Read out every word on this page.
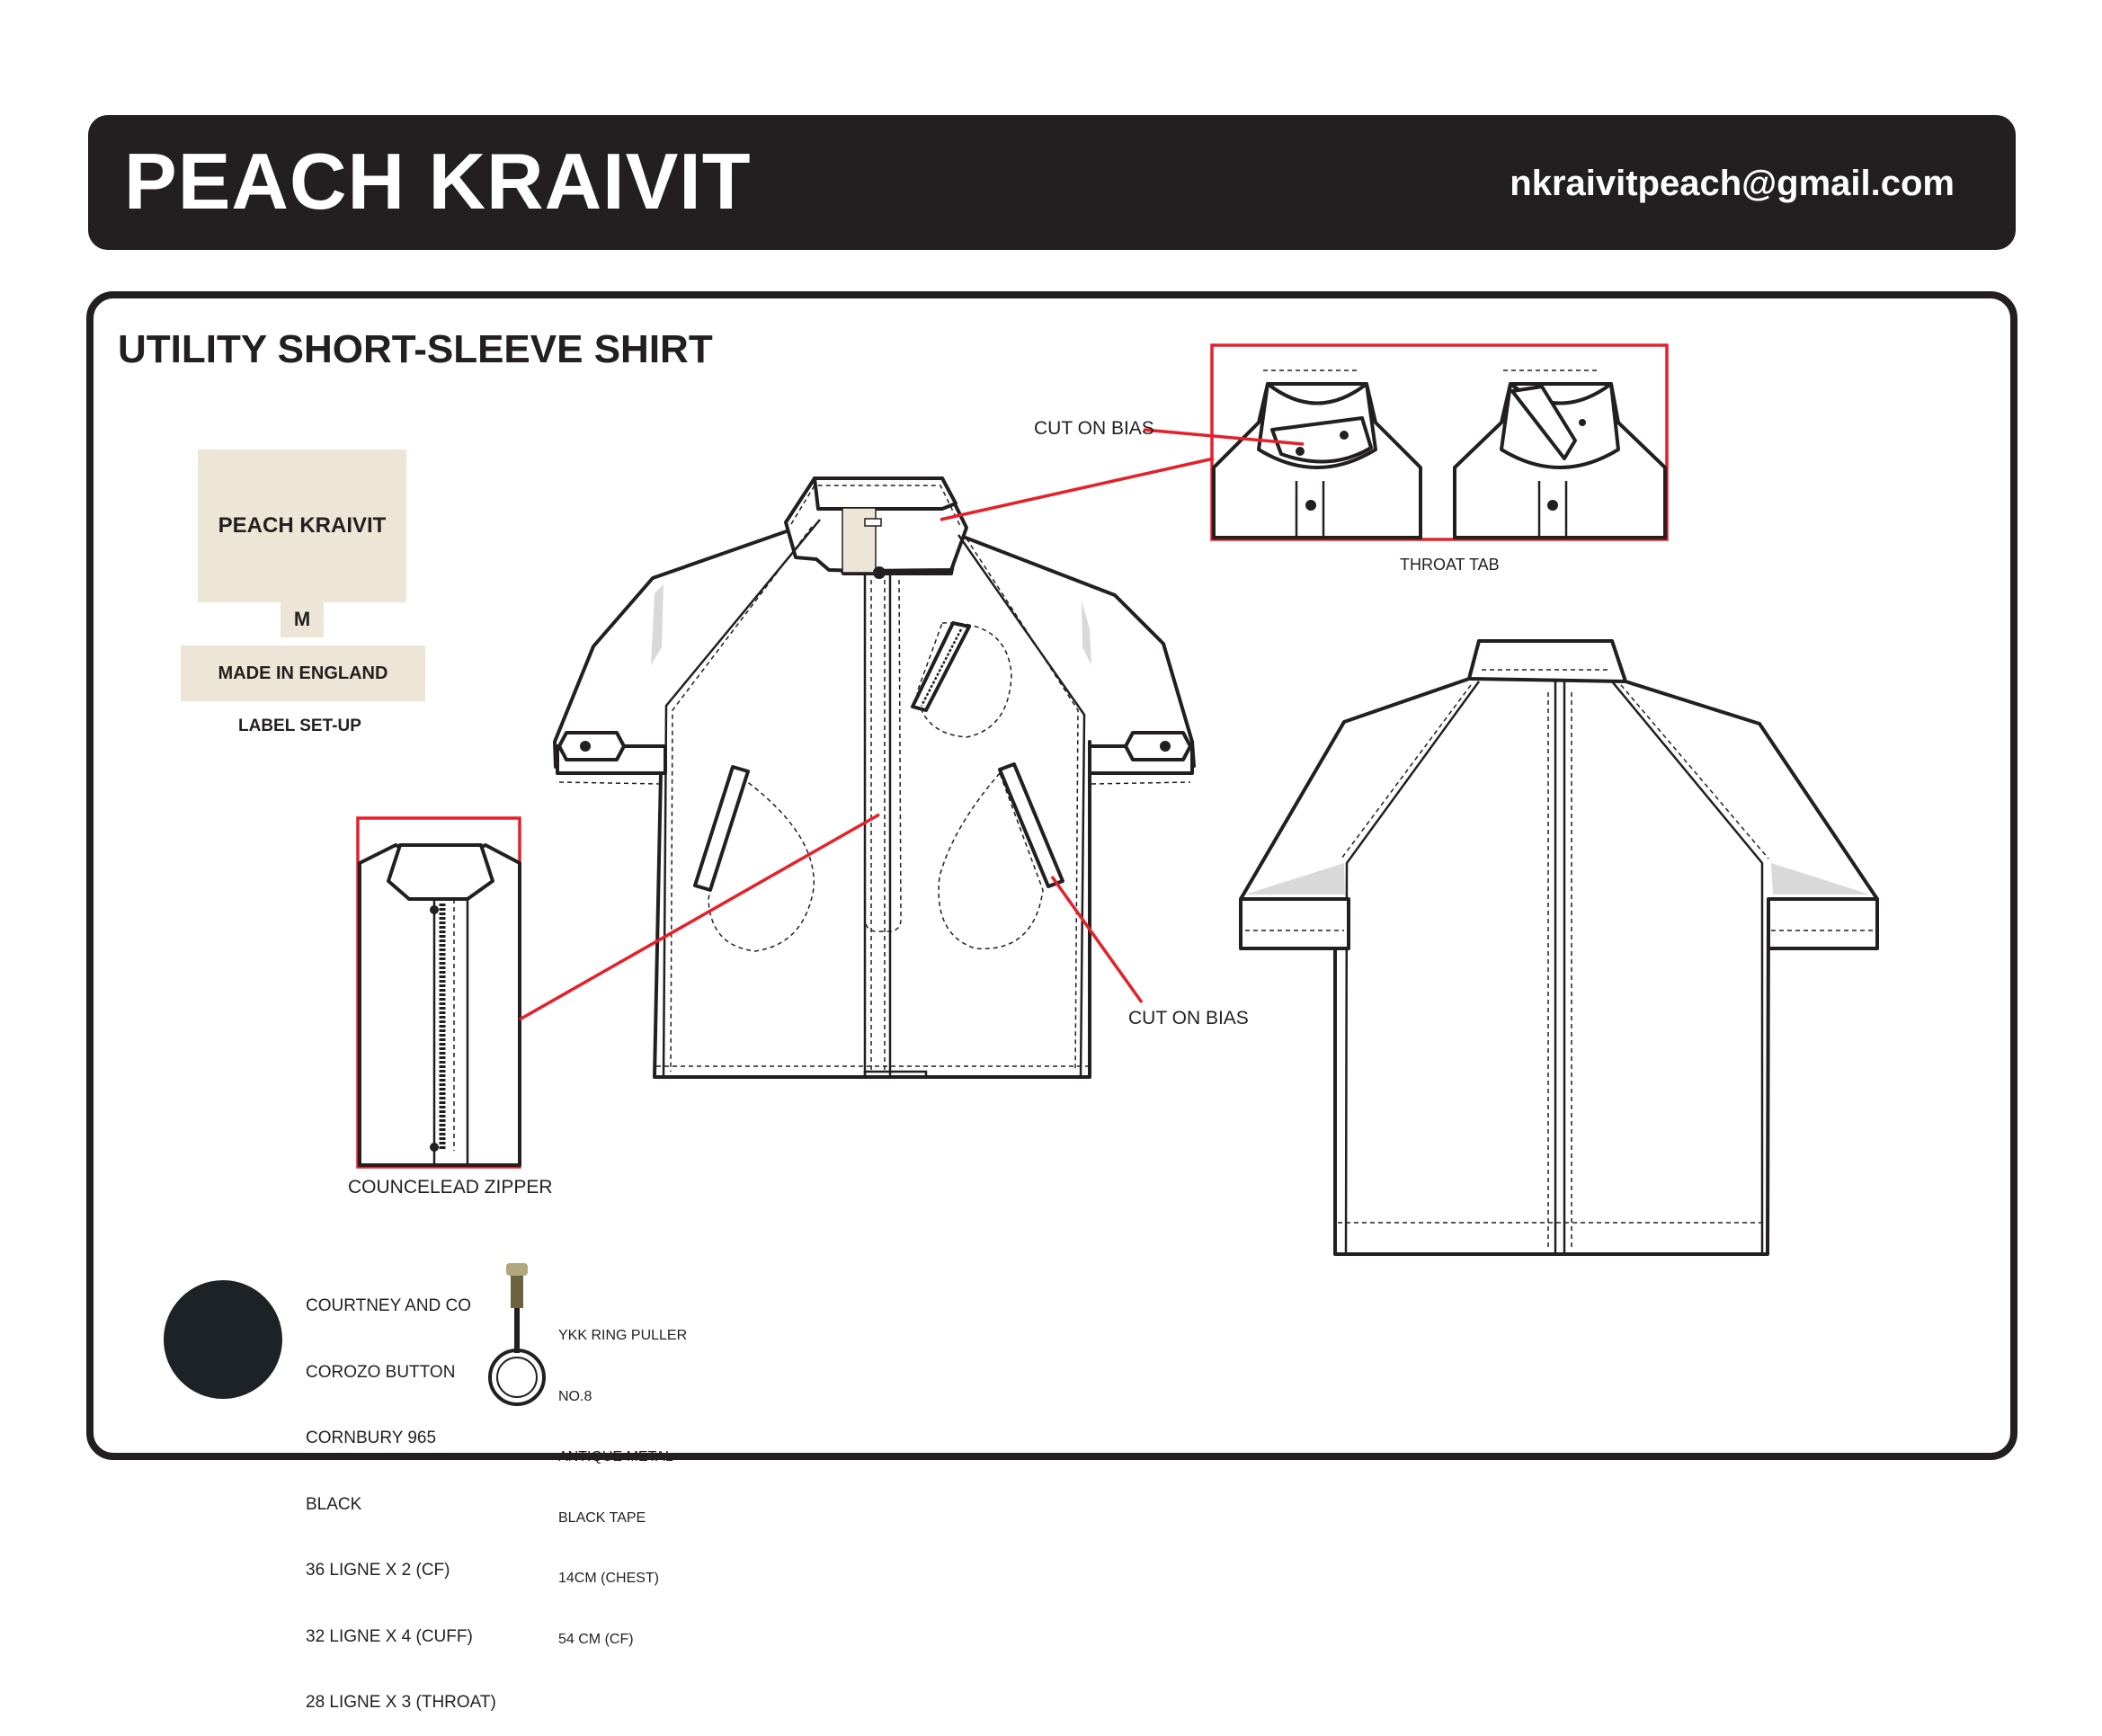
PEACH KRAIVIT	nkraivitpeach@gmail.com
UTILITY SHORT-SLEEVE SHIRT
PEACH KRAIVIT
M
MADE IN ENGLAND
LABEL SET-UP
CUT ON BIAS
THROAT TAB
CUT ON BIAS
COUNCELEAD ZIPPER

COURTNEY AND CO

COROZO BUTTON

CORNBURY 965

BLACK

36 LIGNE X 2 (CF)

32 LIGNE X 4 (CUFF)

28 LIGNE X 3 (THROAT)

YKK RING PULLER

NO.8

ANTIQUE METAL

BLACK TAPE

14CM (CHEST)

54 CM (CF)
